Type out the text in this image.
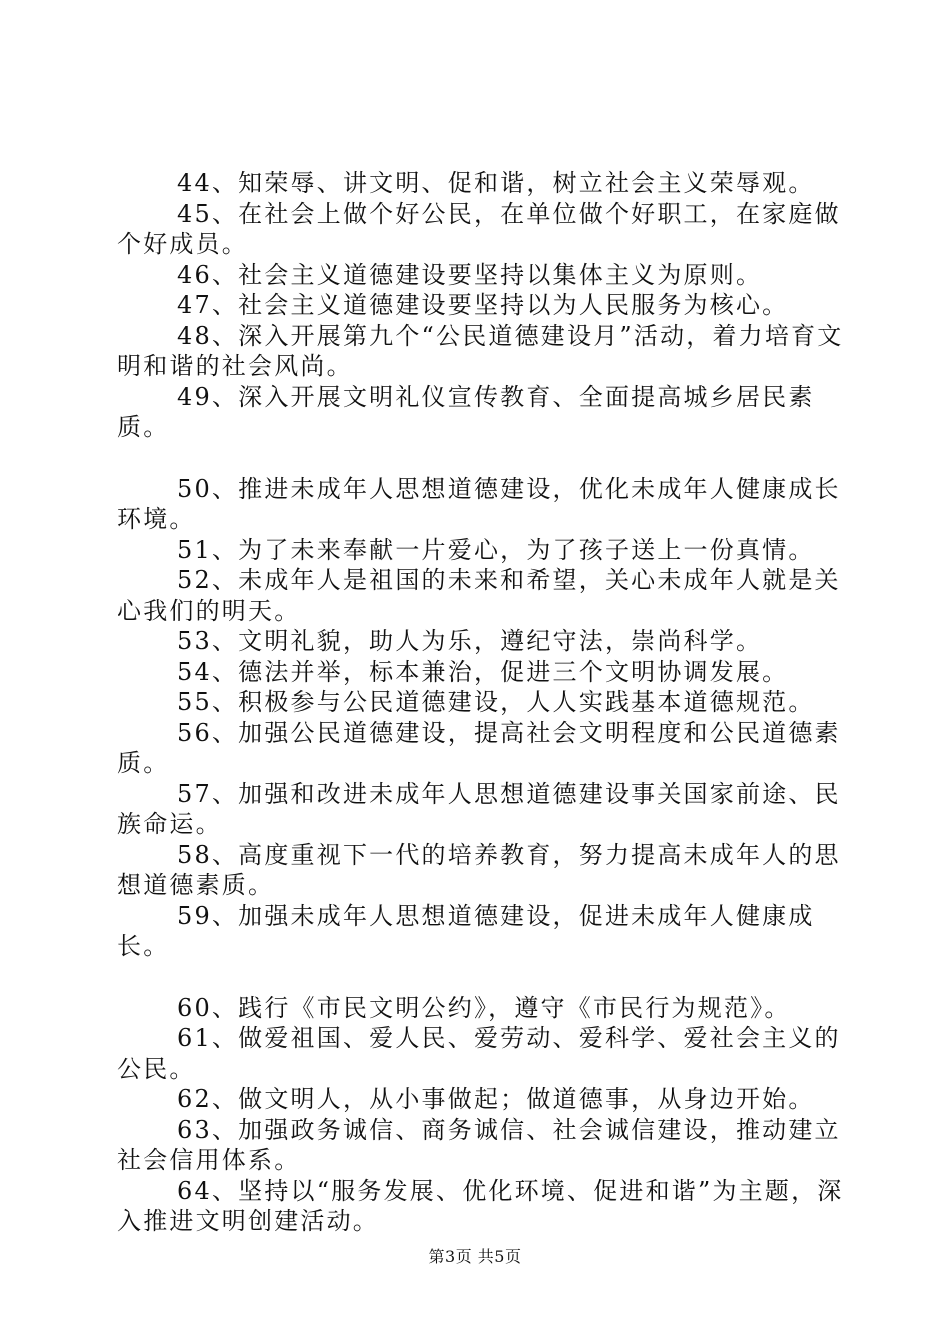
44、知荣辱、讲文明、促和谐，树立社会主义荣辱观。

45、在社会上做个好公民，在单位做个好职工，在家庭做个好成员。

46、社会主义道德建设要坚持以集体主义为原则。

47、社会主义道德建设要坚持以为人民服务为核心。

48、深入开展第九个“公民道德建设月”活动，着力培育文明和谐的社会风尚。

49、深入开展文明礼仪宣传教育、全面提高城乡居民素质。

50、推进未成年人思想道德建设，优化未成年人健康成长环境。

51、为了未来奉献一片爱心，为了孩子送上一份真情。

52、未成年人是祖国的未来和希望，关心未成年人就是关心我们的明天。

53、文明礼貌，助人为乐，遵纪守法，崇尚科学。

54、德法并举，标本兼治，促进三个文明协调发展。

55、积极参与公民道德建设，人人实践基本道德规范。

56、加强公民道德建设，提高社会文明程度和公民道德素质。

57、加强和改进未成年人思想道德建设事关国家前途、民族命运。

58、高度重视下一代的培养教育，努力提高未成年人的思想道德素质。

59、加强未成年人思想道德建设，促进未成年人健康成长。

60、践行《市民文明公约》，遵守《市民行为规范》。

61、做爱祖国、爱人民、爱劳动、爱科学、爱社会主义的公民。

62、做文明人，从小事做起；做道德事，从身边开始。

63、加强政务诚信、商务诚信、社会诚信建设，推动建立社会信用体系。

64、坚持以“服务发展、优化环境、促进和谐”为主题，深入推进文明创建活动。

第3页 共5页
